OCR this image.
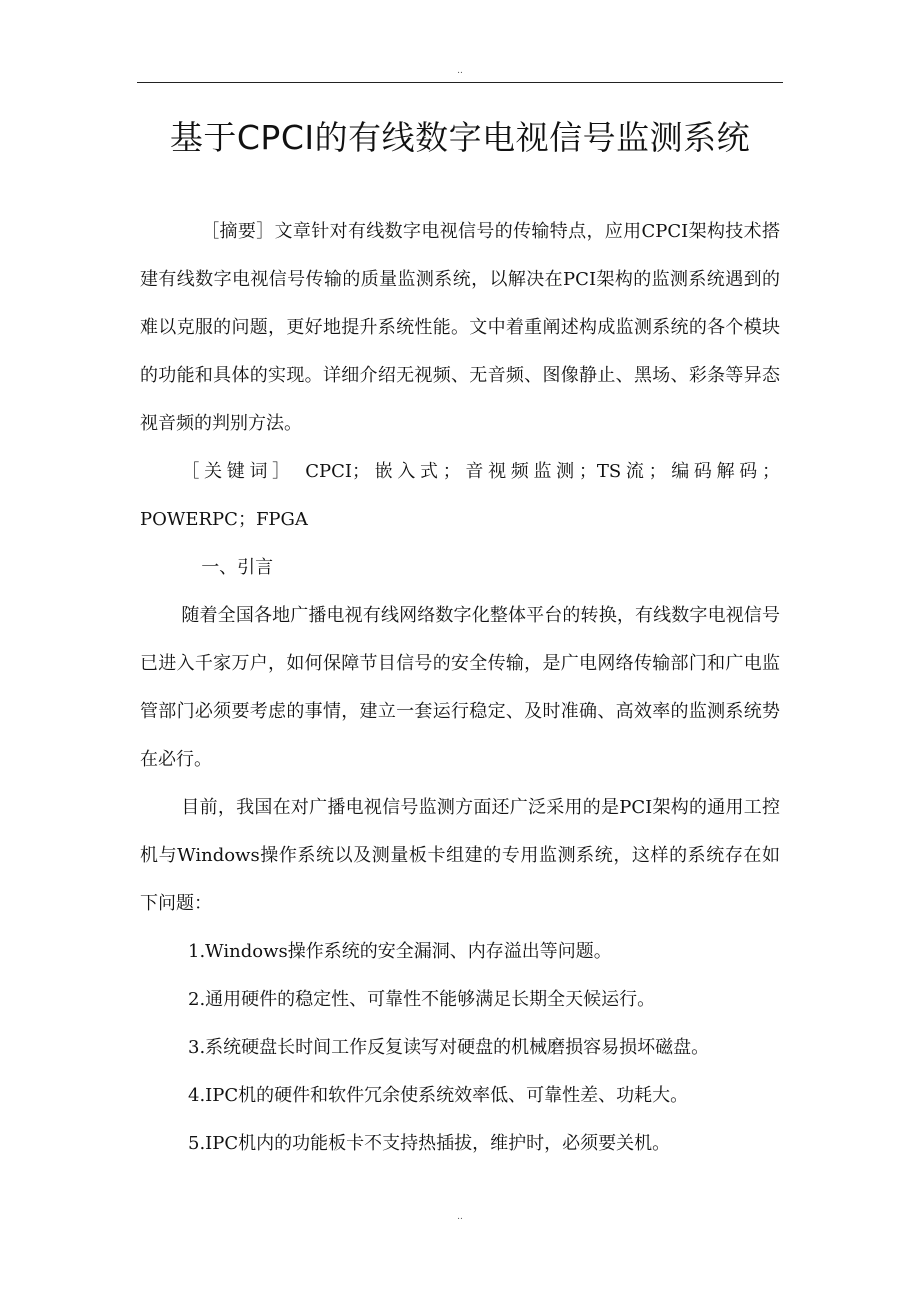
..
基于CPCI的有线数字电视信号监测系统

［摘要］文章针对有线数字电视信号的传输特点，应用CPCI架构技术搭建有线数字电视信号传输的质量监测系统，以解决在PCI架构的监测系统遇到的难以克服的问题，更好地提升系统性能。文中着重阐述构成监测系统的各个模块的功能和具体的实现。详细介绍无视频、无音频、图像静止、黑场、彩条等异态视音频的判别方法。

［关键词］ CPCI；嵌入式；音视频监测；TS流；编码解码；POWERPC；FPGA

一、引言

随着全国各地广播电视有线网络数字化整体平台的转换，有线数字电视信号已进入千家万户，如何保障节目信号的安全传输，是广电网络传输部门和广电监管部门必须要考虑的事情，建立一套运行稳定、及时准确、高效率的监测系统势在必行。

目前，我国在对广播电视信号监测方面还广泛采用的是PCI架构的通用工控机与Windows操作系统以及测量板卡组建的专用监测系统，这样的系统存在如下问题：

1.Windows操作系统的安全漏洞、内存溢出等问题。

2.通用硬件的稳定性、可靠性不能够满足长期全天候运行。

3.系统硬盘长时间工作反复读写对硬盘的机械磨损容易损坏磁盘。

4.IPC机的硬件和软件冗余使系统效率低、可靠性差、功耗大。

5.IPC机内的功能板卡不支持热插拔，维护时，必须要关机。

..
